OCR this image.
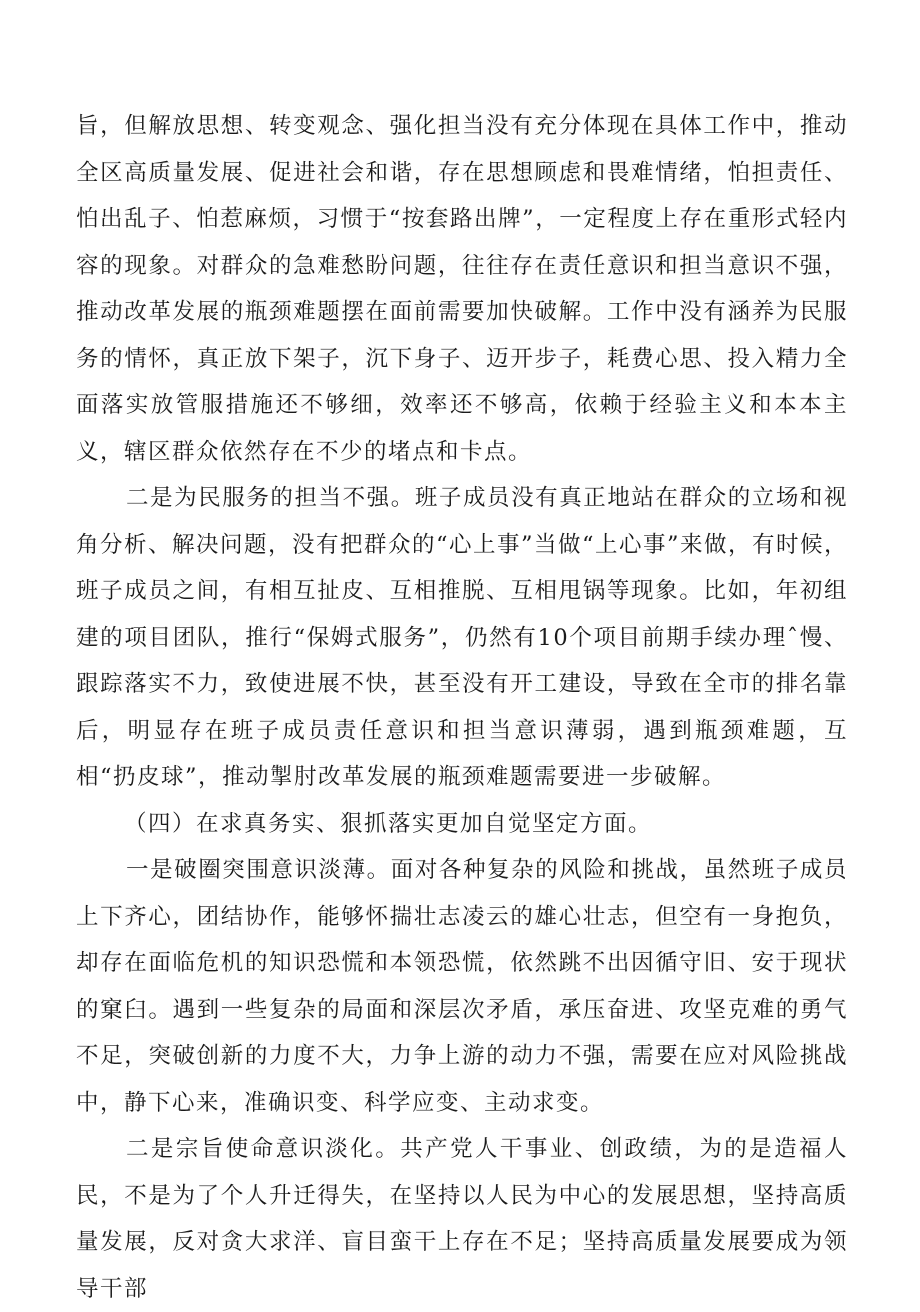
旨，但解放思想、转变观念、强化担当没有充分体现在具体工作中，推动全区高质量发展、促进社会和谐，存在思想顾虑和畏难情绪，怕担责任、怕出乱子、怕惹麻烦，习惯于“按套路出牌”，一定程度上存在重形式轻内容的现象。对群众的急难愁盼问题，往往存在责任意识和担当意识不强，推动改革发展的瓶颈难题摆在面前需要加快破解。工作中没有涵养为民服务的情怀，真正放下架子，沉下身子、迈开步子，耗费心思、投入精力全面落实放管服措施还不够细，效率还不够高，依赖于经验主义和本本主义，辖区群众依然存在不少的堵点和卡点。

二是为民服务的担当不强。班子成员没有真正地站在群众的立场和视角分析、解决问题，没有把群众的“心上事”当做“上心事”来做，有时候，班子成员之间，有相互扯皮、互相推脱、互相甩锅等现象。比如，年初组建的项目团队，推行“保姆式服务”，仍然有10个项目前期手续办理ˆ慢、跟踪落实不力，致使进展不快，甚至没有开工建设，导致在全市的排名靠后，明显存在班子成员责任意识和担当意识薄弱，遇到瓶颈难题，互相“扔皮球”，推动掣肘改革发展的瓶颈难题需要进一步破解。

（四）在求真务实、狠抓落实更加自觉坚定方面。

一是破圈突围意识淡薄。面对各种复杂的风险和挑战，虽然班子成员上下齐心，团结协作，能够怀揣壮志凌云的雄心壮志，但空有一身抱负，却存在面临危机的知识恐慌和本领恐慌，依然跳不出因循守旧、安于现状的窠臼。遇到一些复杂的局面和深层次矛盾，承压奋进、攻坚克难的勇气不足，突破创新的力度不大，力争上游的动力不强，需要在应对风险挑战中，静下心来，准确识变、科学应变、主动求变。

二是宗旨使命意识淡化。共产党人干事业、创政绩，为的是造福人民，不是为了个人升迁得失，在坚持以人民为中心的发展思想，坚持高质量发展，反对贪大求洋、盲目蛮干上存在不足；坚持高质量发展要成为领导干部
